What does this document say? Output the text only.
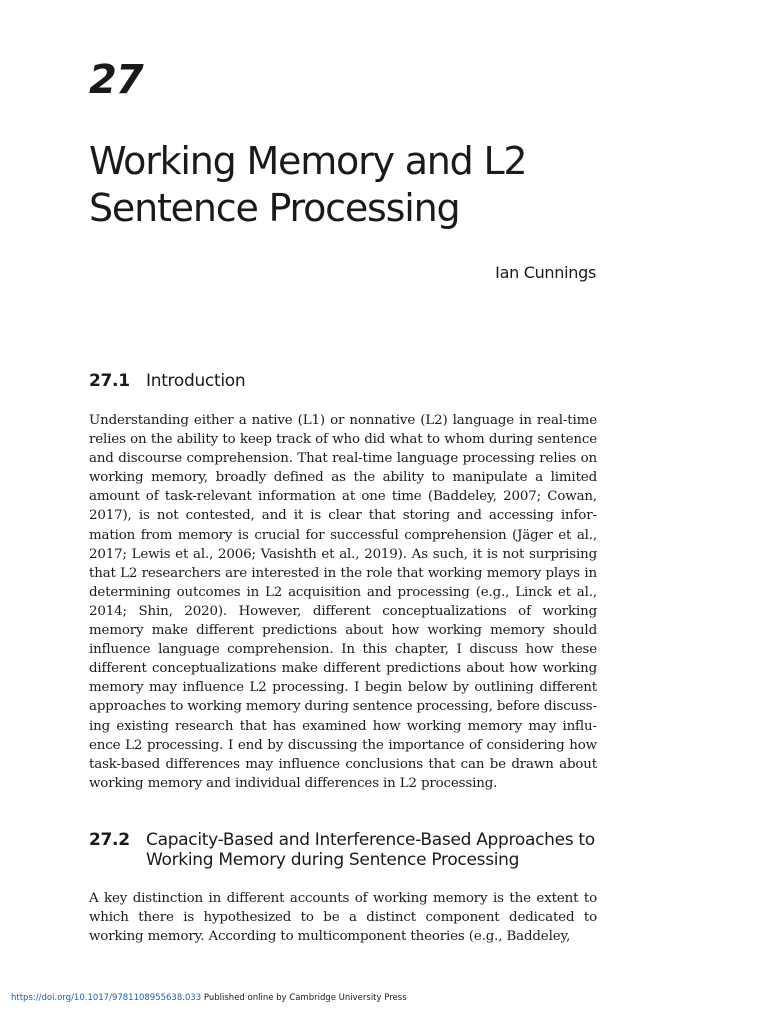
27
Working Memory and L2 Sentence Processing
Ian Cunnings
27.1 Introduction

Understanding either a native (L1) or nonnative (L2) language in real-time relies on the ability to keep track of who did what to whom during sentence and discourse comprehension. That real-time language processing relies on working memory, broadly defined as the ability to manipulate a limited amount of task-relevant information at one time (Baddeley, 2007; Cowan, 2017), is not contested, and it is clear that storing and accessing information from memory is crucial for successful comprehension (Jäger et al., 2017; Lewis et al., 2006; Vasishth et al., 2019). As such, it is not surprising that L2 researchers are interested in the role that working memory plays in determining outcomes in L2 acquisition and processing (e.g., Linck et al., 2014; Shin, 2020). However, different conceptualizations of working memory make different predictions about how working memory should influence language comprehension. In this chapter, I discuss how these different conceptualizations make different predictions about how working memory may influence L2 processing. I begin below by outlining different approaches to working memory during sentence processing, before discussing existing research that has examined how working memory may influence L2 processing. I end by discussing the importance of considering how task-based differences may influence conclusions that can be drawn about working memory and individual differences in L2 processing.

27.2 Capacity-Based and Interference-Based Approaches to Working Memory during Sentence Processing

A key distinction in different accounts of working memory is the extent to which there is hypothesized to be a distinct component dedicated to working memory. According to multicomponent theories (e.g., Baddeley,

https://doi.org/10.1017/9781108955638.033 Published online by Cambridge University Press
